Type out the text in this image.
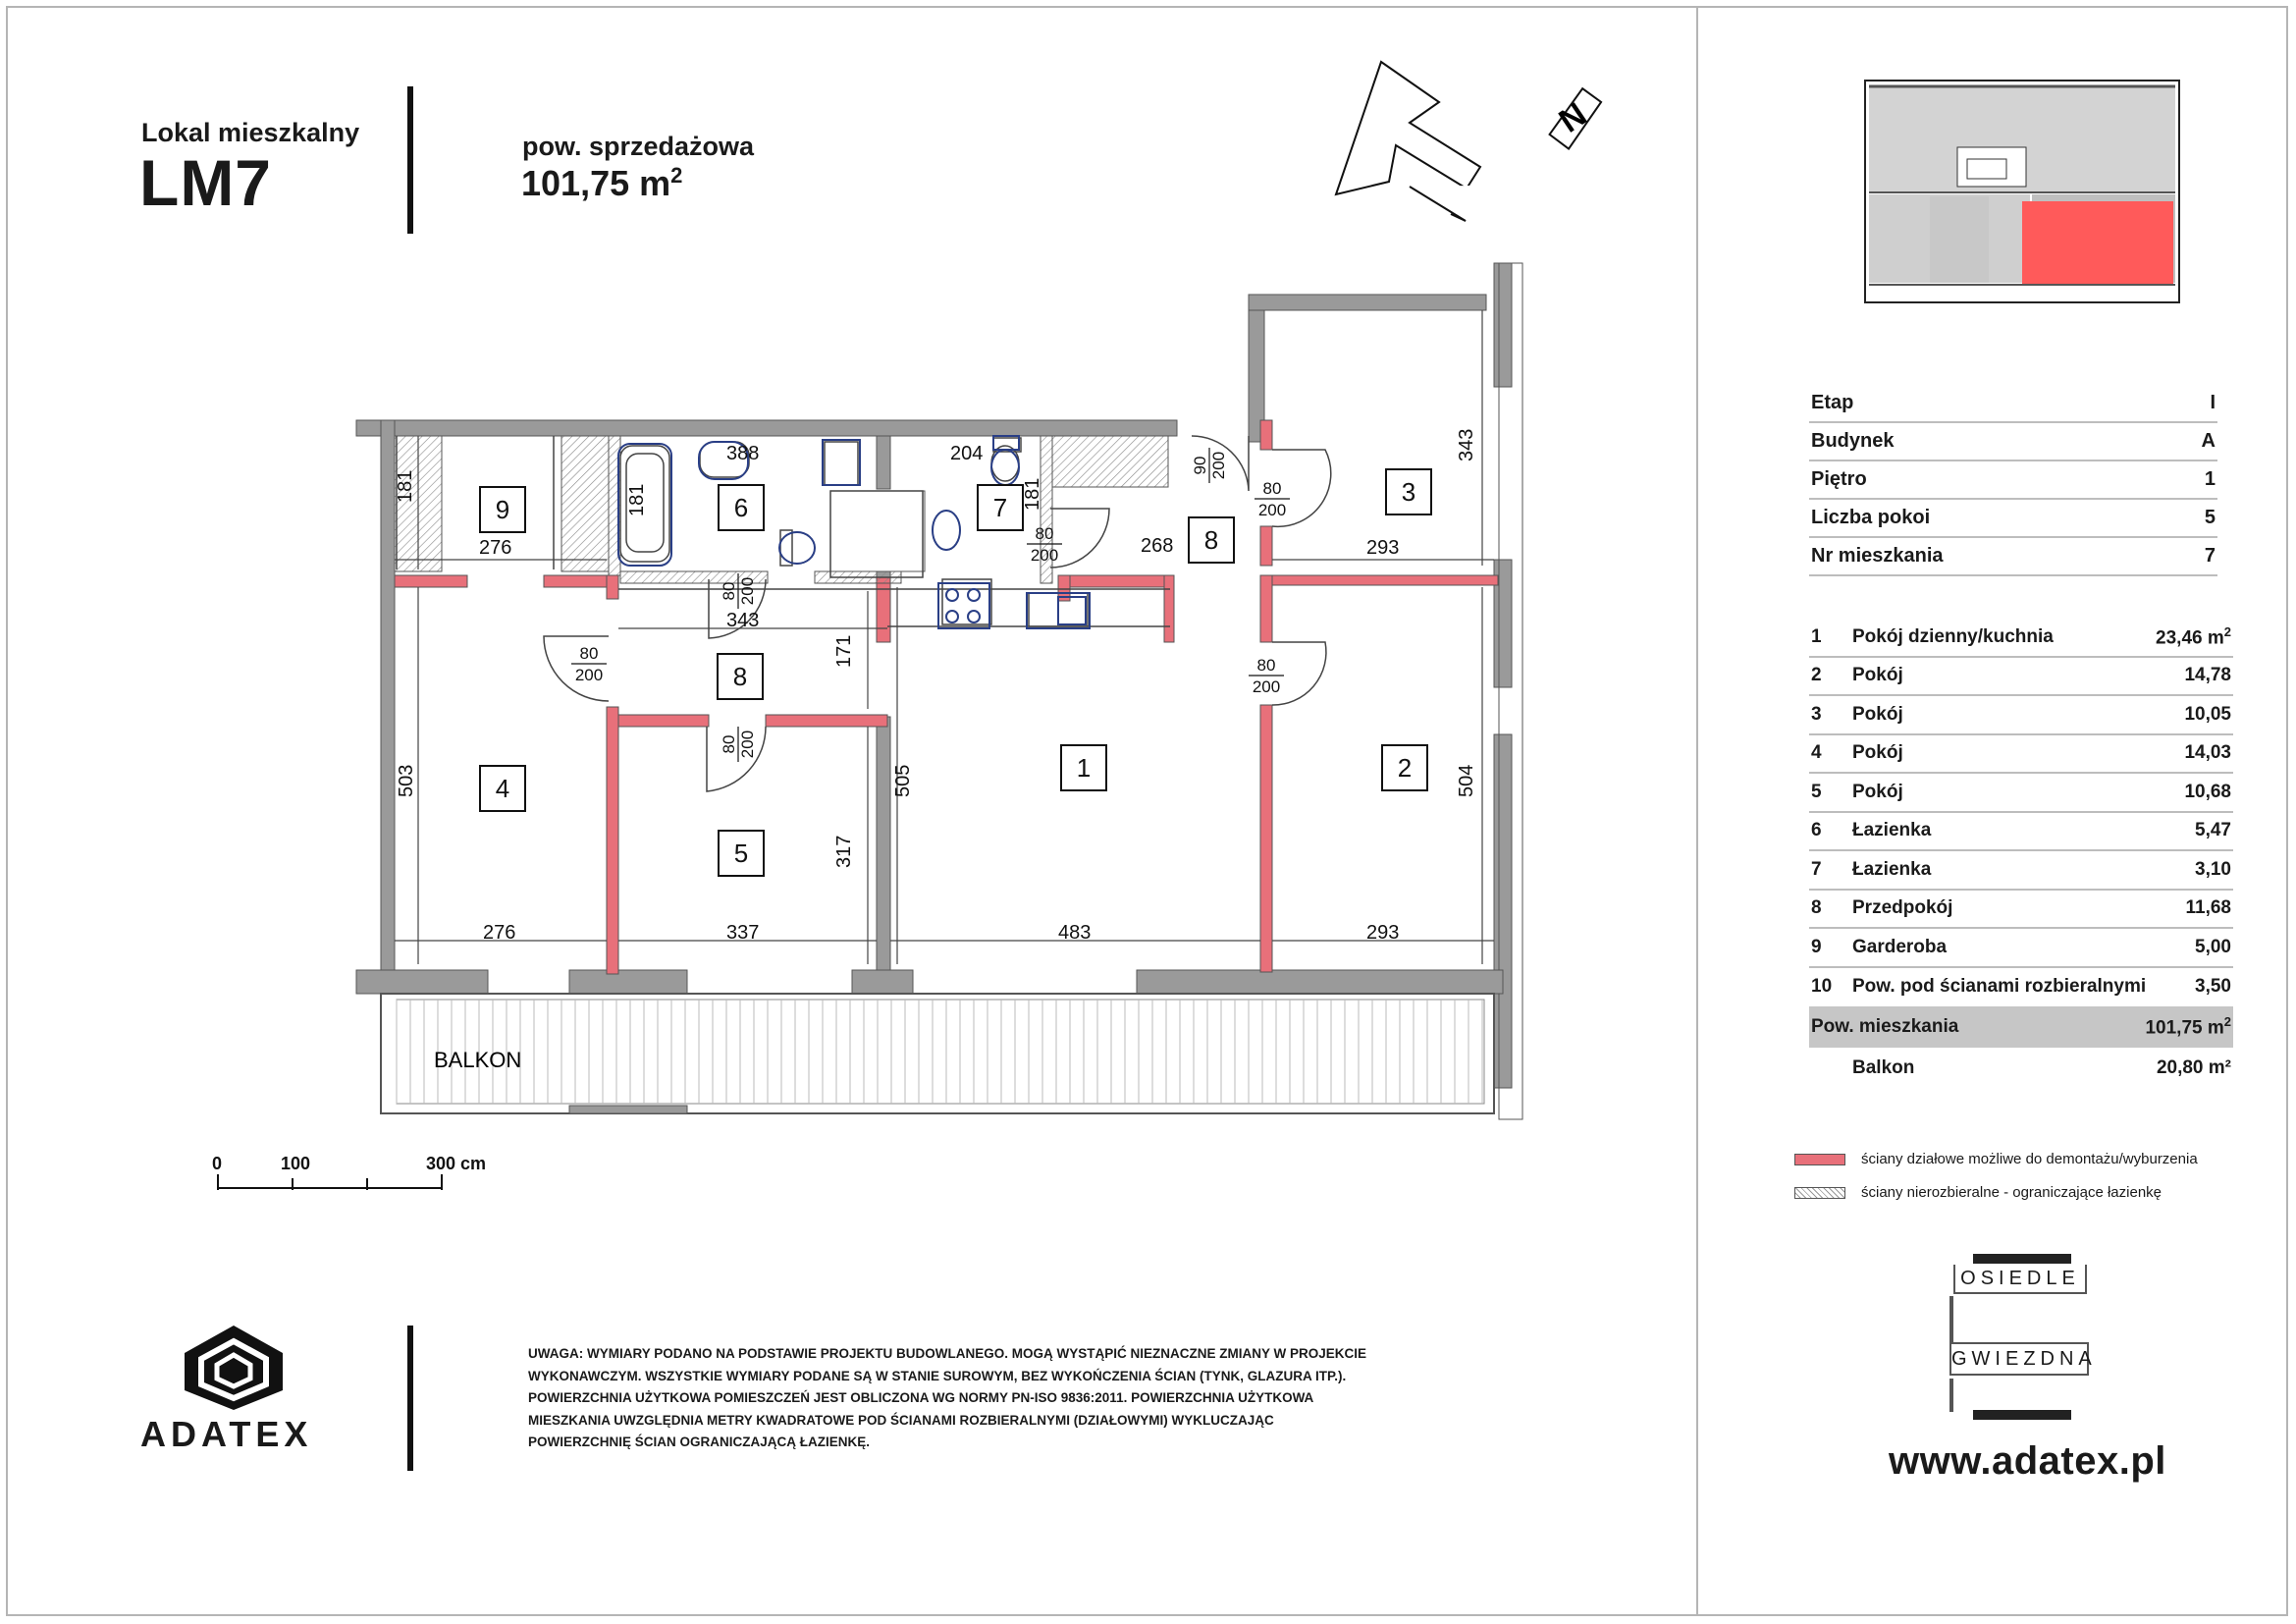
Lokal mieszkalny
LM7	pow. sprzedażowa
101,75 $m^2$
N
BALKON
1	2
3
4
5
6	7
8
8
9
181
276
181
388	204
181
268
343
293
343
171
503	505	504
317
276	337	483	293
90 200
80
200
80
200
80
200
80
200
80 200
80 200
0	100	300 cm
Etap	I
Budynek	A
Piętro	1
Liczba pokoi	5
Nr mieszkania	7
1	Pokój dzienny/kuchnia	23,46 $m^2$
2	Pokój	14,78
3	Pokój	10,05
4	Pokój	14,03
5	Pokój	10,68
6	Łazienka	5,47
7	Łazienka	3,10
8	Przedpokój	11,68
9	Garderoba	5,00
10	Pow. pod ścianami rozbieralnymi	3,50
Pow. mieszkania	101,75 $m^2$
Balkon	20,80 m²
ściany działowe możliwe do demontażu/wyburzenia
ściany nierozbieralne - ograniczające łazienkę
OSIEDLE
GWIEZDNA
www.adatex.pl
ADATEX
UWAGA: WYMIARY PODANO NA PODSTAWIE PROJEKTU BUDOWLANEGO. MOGĄ WYSTĄPIĆ NIEZNACZNE ZMIANY W PROJEKCIE
WYKONAWCZYM. WSZYSTKIE WYMIARY PODANE SĄ W STANIE SUROWYM, BEZ WYKOŃCZENIA ŚCIAN (TYNK, GLAZURA ITP.).
POWIERZCHNIA UŻYTKOWA POMIESZCZEŃ JEST OBLICZONA WG NORMY PN-ISO 9836:2011. POWIERZCHNIA UŻYTKOWA
MIESZKANIA UWZGLĘDNIA METRY KWADRATOWE POD ŚCIANAMI ROZBIERALNYMI (DZIAŁOWYMI) WYKLUCZAJĄC
POWIERZCHNIĘ ŚCIAN OGRANICZAJĄCĄ ŁAZIENKĘ.
